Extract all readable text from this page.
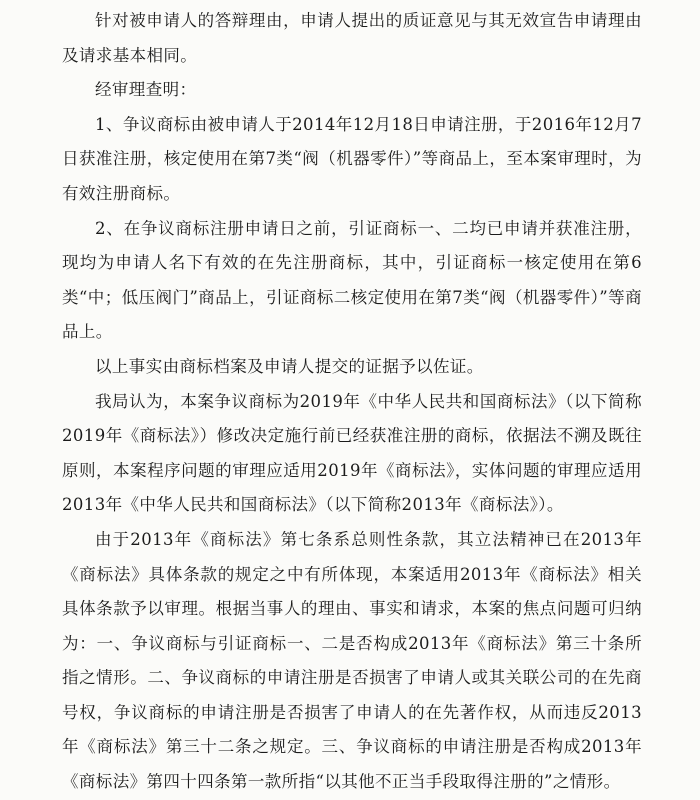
针对被申请人的答辩理由，申请人提出的质证意见与其无效宣告申请理由及请求基本相同。

经审理查明：

1、争议商标由被申请人于2014年12月18日申请注册，于2016年12月7日获准注册，核定使用在第7类“阀（机器零件）”等商品上，至本案审理时，为有效注册商标。

2、在争议商标注册申请日之前，引证商标一、二均已申请并获准注册，现均为申请人名下有效的在先注册商标，其中，引证商标一核定使用在第6类“中；低压阀门”商品上，引证商标二核定使用在第7类“阀（机器零件）”等商品上。

以上事实由商标档案及申请人提交的证据予以佐证。

我局认为，本案争议商标为2019年《中华人民共和国商标法》（以下简称2019年《商标法》）修改决定施行前已经获准注册的商标，依据法不溯及既往原则，本案程序问题的审理应适用2019年《商标法》，实体问题的审理应适用2013年《中华人民共和国商标法》（以下简称2013年《商标法》）。

由于2013年《商标法》第七条系总则性条款，其立法精神已在2013年《商标法》具体条款的规定之中有所体现，本案适用2013年《商标法》相关具体条款予以审理。根据当事人的理由、事实和请求，本案的焦点问题可归纳为：一、争议商标与引证商标一、二是否构成2013年《商标法》第三十条所指之情形。二、争议商标的申请注册是否损害了申请人或其关联公司的在先商号权，争议商标的申请注册是否损害了申请人的在先著作权，从而违反2013年《商标法》第三十二条之规定。三、争议商标的申请注册是否构成2013年《商标法》第四十四条第一款所指“以其他不正当手段取得注册的”之情形。
